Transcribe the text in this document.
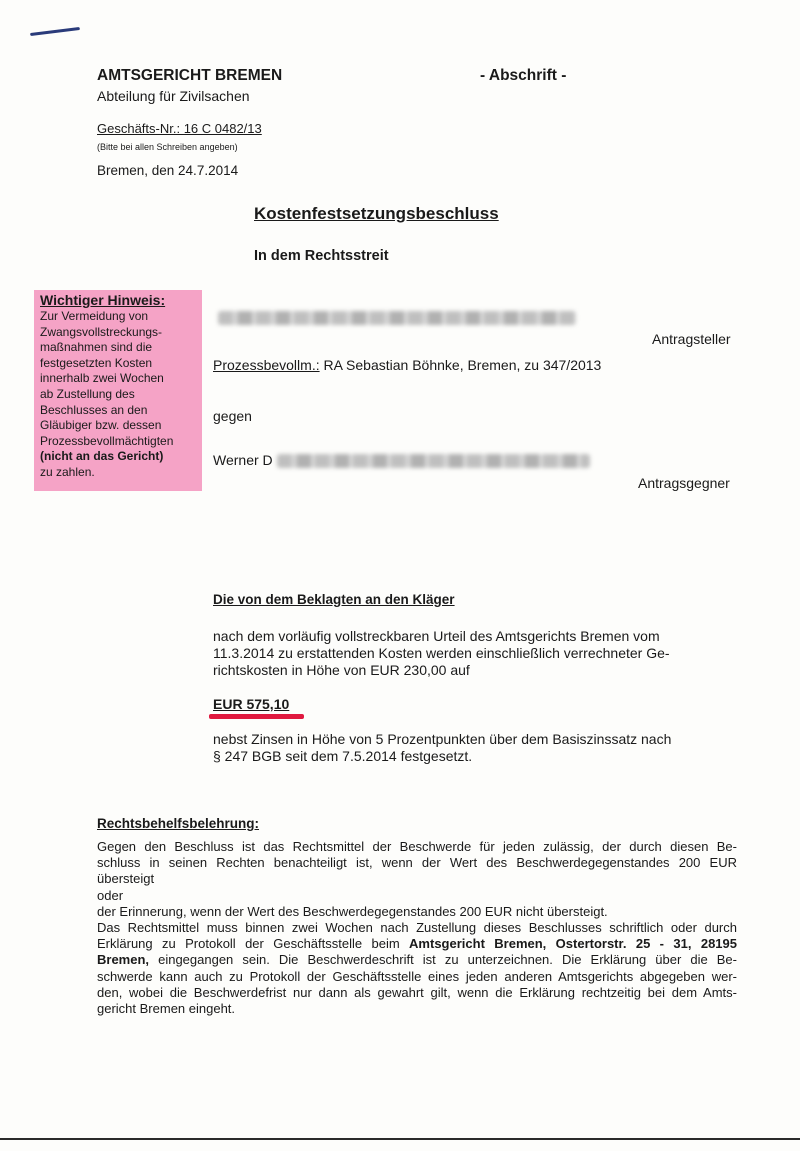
AMTSGERICHT BREMEN
Abteilung für Zivilsachen
- Abschrift -
Geschäfts-Nr.: 16 C 0482/13
(Bitte bei allen Schreiben angeben)
Bremen, den 24.7.2014
Kostenfestsetzungsbeschluss
In dem Rechtsstreit
Wichtiger Hinweis:
Zur Vermeidung von
Zwangsvollstreckungs-
maßnahmen sind die
festgesetzten Kosten
innerhalb zwei Wochen
ab Zustellung des
Beschlusses an den
Gläubiger bzw. dessen
Prozessbevollmächtigten
(nicht an das Gericht)
zu zahlen.
Antragsteller
Prozessbevollm.: RA Sebastian Böhnke, Bremen, zu 347/2013
gegen
Werner D
Antragsgegner
Die von dem Beklagten an den Kläger
nach dem vorläufig vollstreckbaren Urteil des Amtsgerichts Bremen vom
11.3.2014 zu erstattenden Kosten werden einschließlich verrechneter Ge-
richtskosten in Höhe von EUR 230,00 auf
EUR 575,10
nebst Zinsen in Höhe von 5 Prozentpunkten über dem Basiszinssatz nach
§ 247 BGB seit dem 7.5.2014 festgesetzt.
Rechtsbehelfsbelehrung:
Gegen den Beschluss ist das Rechtsmittel der Beschwerde für jeden zulässig, der durch diesen Be-
schluss in seinen Rechten benachteiligt ist, wenn der Wert des Beschwerdegegenstandes 200 EUR
übersteigt
oder
der Erinnerung, wenn der Wert des Beschwerdegegenstandes 200 EUR nicht übersteigt.
Das Rechtsmittel muss binnen zwei Wochen nach Zustellung dieses Beschlusses schriftlich oder durch
Erklärung zu Protokoll der Geschäftsstelle beim Amtsgericht Bremen, Ostertorstr. 25 - 31, 28195
Bremen, eingegangen sein. Die Beschwerdeschrift ist zu unterzeichnen. Die Erklärung über die Be-
schwerde kann auch zu Protokoll der Geschäftsstelle eines jeden anderen Amtsgerichts abgegeben wer-
den, wobei die Beschwerdefrist nur dann als gewahrt gilt, wenn die Erklärung rechtzeitig bei dem Amts-
gericht Bremen eingeht.
